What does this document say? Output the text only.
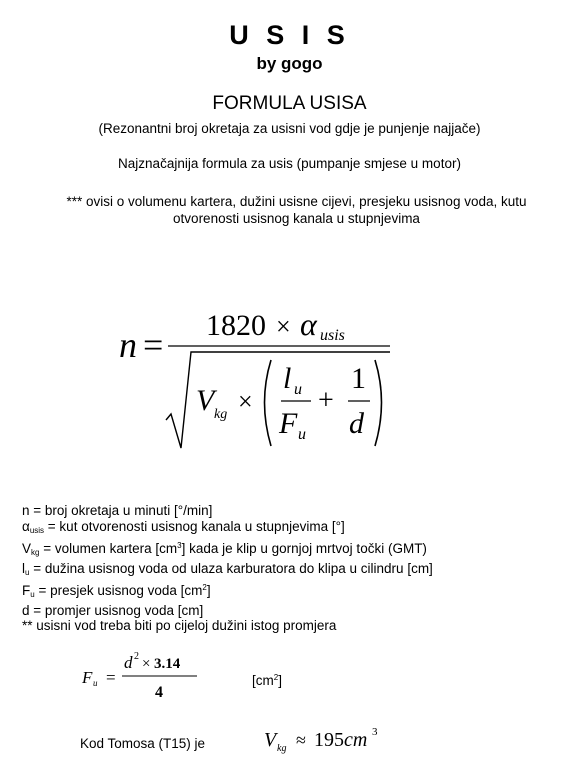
U S I S
by gogo
FORMULA USISA
(Rezonantni broj okretaja za usisni vod gdje je punjenje najjače)
Najznačajnija formula za usis (pumpanje smjese u motor)
*** ovisi o volumenu kartera, dužini usisne cijevi, presjeku usisnog voda, kutu
otvorenosti usisnog kanala u stupnjevima
n = 1820 × α usis
V kg ×
l u
F u
+
1
d
n = broj okretaja u minuti [°/min]
$\alpha_{usis}$ = kut otvorenosti usisnog kanala u stupnjevima [°]
$V_{kg}$ = volumen kartera $[cm^3]$ kada je klip u gornjoj mrtvoj točki (GMT)
$l_u$ = dužina usisnog voda od ulaza karburatora do klipa u cilindru [cm]
$F_u$ = presjek usisnog voda $[cm^2]$
d = promjer usisnog voda [cm]
** usisni vod treba biti po cijeloj dužini istog promjera
F u =
d 2 × 3.14
4
$[cm^2]$
Kod Tomosa (T15) je	V kg ≈ 195 cm 3
